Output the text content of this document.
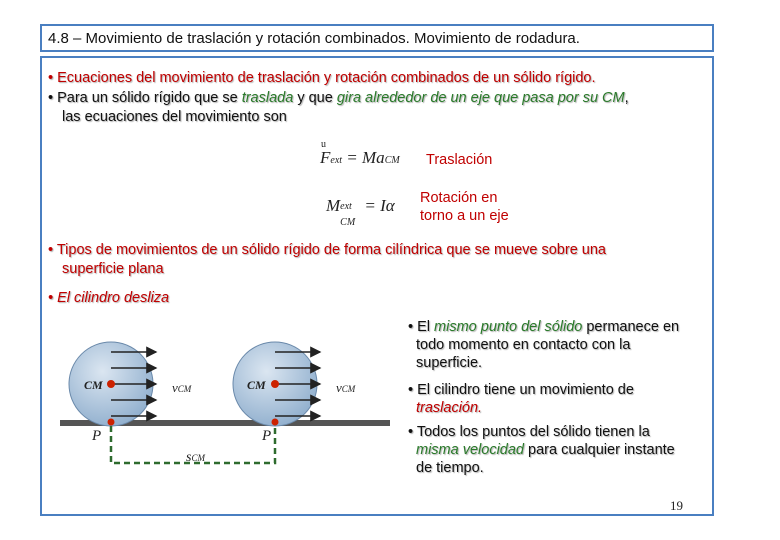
4.8 – Movimiento de traslación y rotación combinados. Movimiento de rodadura.
• Ecuaciones del movimiento de traslación y rotación combinados de un sólido rígido.
• Para un sólido rígido que se traslada y que gira alrededor de un eje que pasa por su CM,
las ecuaciones del movimiento son
u
Fext = MaCM Traslación
M ext
CM
= Iα Rotación en
torno a un eje
• Tipos de movimientos de un sólido rígido de forma cilíndrica que se mueve sobre una
superficie plana
• El cilindro desliza
CM	CM
vCM	vCM
P	P
sCM
• El mismo punto del sólido permanece en
todo momento en contacto con la
superficie.
• El cilindro tiene un movimiento de
traslación.
• Todos los puntos del sólido tienen la
misma velocidad para cualquier instante
de tiempo.
19
